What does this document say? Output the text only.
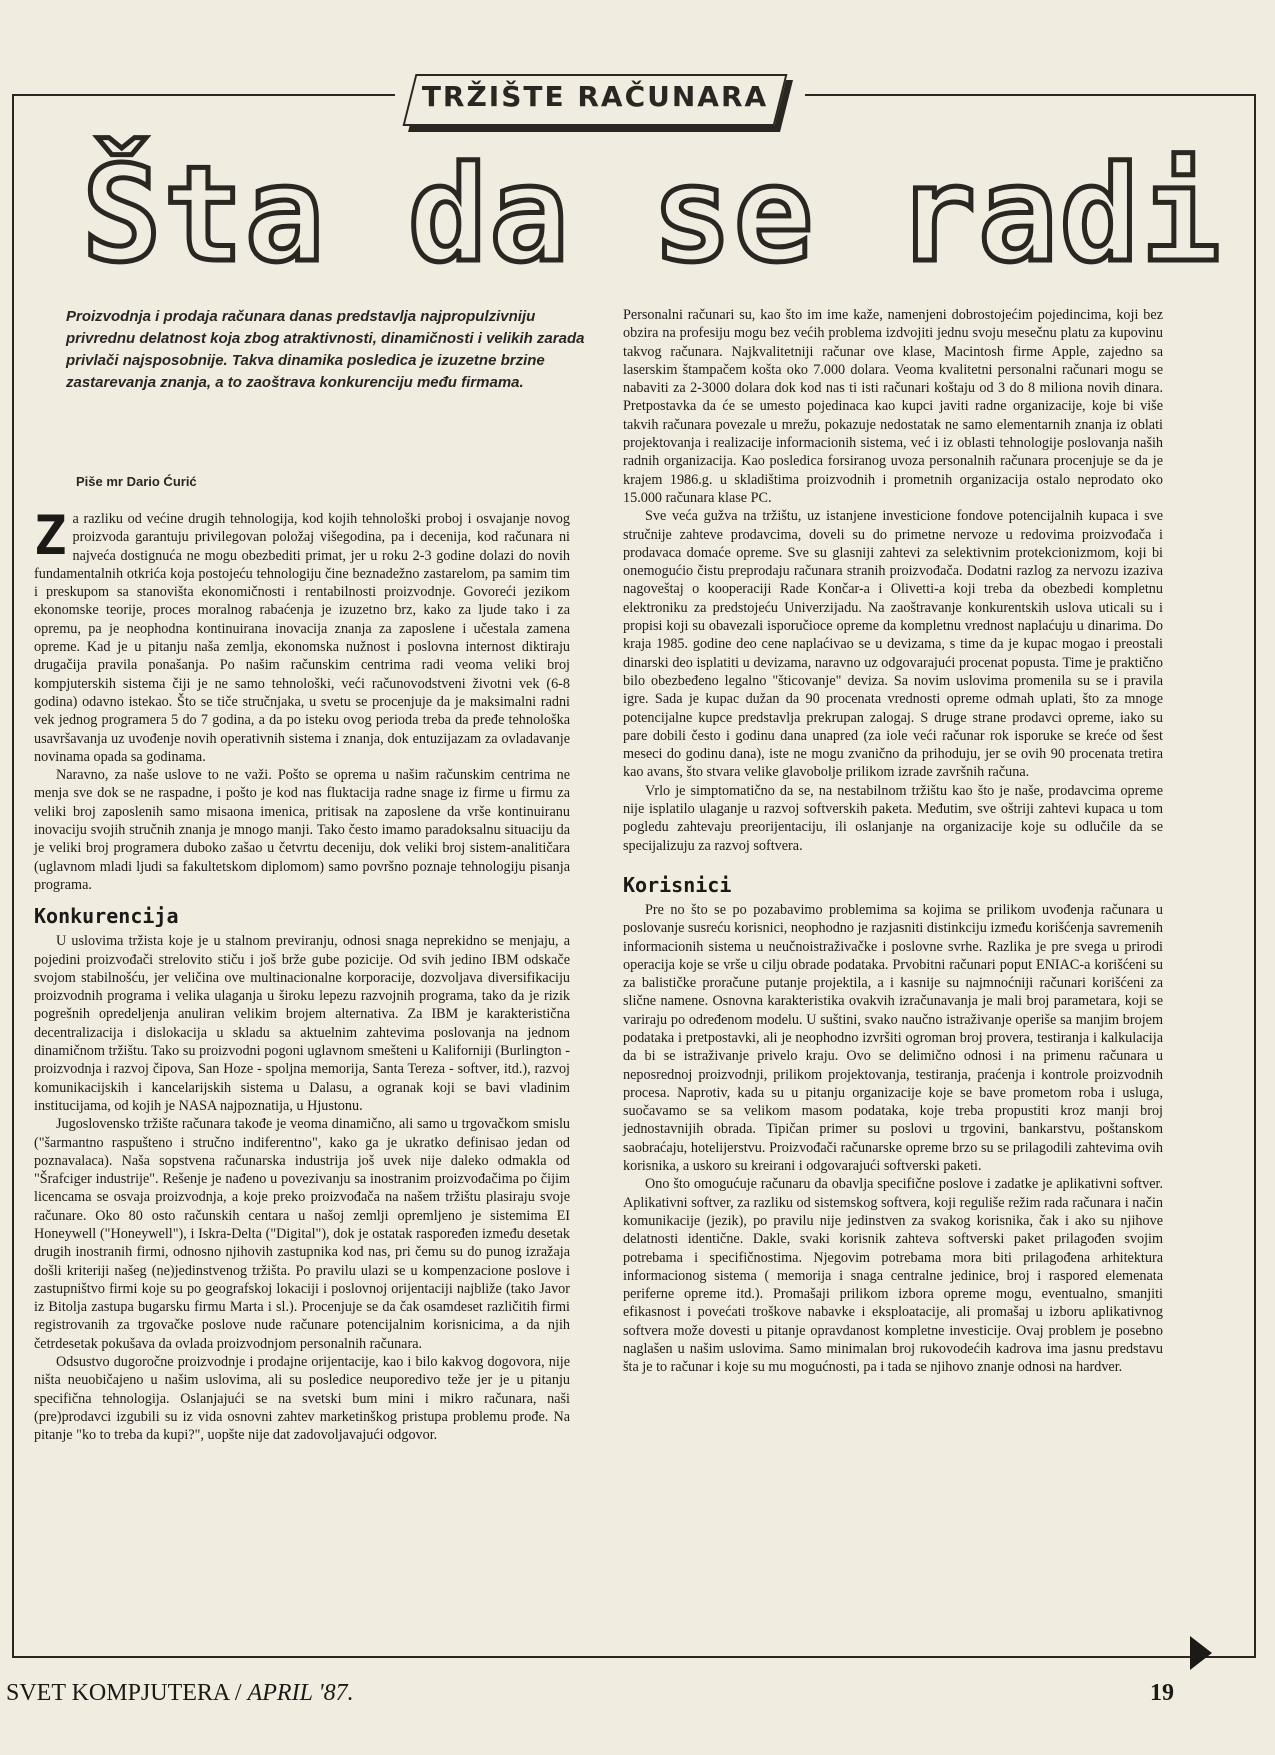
TRŽIŠTE RAČUNARA
Šta da se radi
Proizvodnja i prodaja računara danas predstavlja najpropulzivniju privrednu delatnost koja zbog atraktivnosti, dinamičnosti i velikih zarada privlači najsposobnije. Takva dinamika posledica je izuzetne brzine zastarevanja znanja, a to zaoštrava konkurenciju među firmama.
Piše mr Dario Ćurić

Za razliku od većine drugih tehnologija, kod kojih tehnološki proboj i osvajanje novog proizvoda garantuju privilegovan položaj višegodina, pa i decenija, kod računara ni najveća dostignuća ne mogu obezbediti primat, jer u roku 2-3 godine dolazi do novih fundamentalnih otkrića koja postojeću tehnologiju čine beznadežno zastarelom, pa samim tim i preskupom sa stanovišta ekonomičnosti i rentabilnosti proizvodnje. Govoreći jezikom ekonomske teorije, proces moralnog rabaćenja je izuzetno brz, kako za ljude tako i za opremu, pa je neophodna kontinuirana inovacija znanja za zaposlene i učestala zamena opreme. Kad je u pitanju naša zemlja, ekonomska nužnost i poslovna internost diktiraju drugačija pravila ponašanja. Po našim računskim centrima radi veoma veliki broj kompjuterskih sistema čiji je ne samo tehnološki, veći računovodstveni životni vek (6-8 godina) odavno istekao. Što se tiče stručnjaka, u svetu se procenjuje da je maksimalni radni vek jednog programera 5 do 7 godina, a da po isteku ovog perioda treba da pređe tehnološka usavršavanja uz uvođenje novih operativnih sistema i znanja, dok entuzijazam za ovladavanje novinama opada sa godinama.

Naravno, za naše uslove to ne važi. Pošto se oprema u našim računskim centrima ne menja sve dok se ne raspadne, i pošto je kod nas fluktacija radne snage iz firme u firmu za veliki broj zaposlenih samo misaona imenica, pritisak na zaposlene da vrše kontinuiranu inovaciju svojih stručnih znanja je mnogo manji. Tako često imamo paradoksalnu situaciju da je veliki broj programera duboko zašao u četvrtu deceniju, dok veliki broj sistem-analitičara (uglavnom mladi ljudi sa fakultetskom diplomom) samo površno poznaje tehnologiju pisanja programa.

Konkurencija

U uslovima tržista koje je u stalnom previranju, odnosi snaga neprekidno se menjaju, a pojedini proizvođači strelovito stiču i još brže gube pozicije. Od svih jedino IBM odskače svojom stabilnošću, jer veličina ove multinacionalne korporacije, dozvoljava diversifikaciju proizvodnih programa i velika ulaganja u široku lepezu razvojnih programa, tako da je rizik pogrešnih opredeljenja anuliran velikim brojem alternativa. Za IBM je karakteristična decentralizacija i dislokacija u skladu sa aktuelnim zahtevima poslovanja na jednom dinamičnom tržištu. Tako su proizvodni pogoni uglavnom smešteni u Kaliforniji (Burlington - proizvodnja i razvoj čipova, San Hoze - spoljna memorija, Santa Tereza - softver, itd.), razvoj komunikacijskih i kancelarijskih sistema u Dalasu, a ogranak koji se bavi vladinim institucijama, od kojih je NASA najpoznatija, u Hjustonu.

Jugoslovensko tržište računara takođe je veoma dinamično, ali samo u trgovačkom smislu ("šarmantno raspušteno i stručno indiferentno", kako ga je ukratko definisao jedan od poznavalaca). Naša sopstvena računarska industrija još uvek nije daleko odmakla od "Šrafciger industrije". Rešenje je nađeno u povezivanju sa inostranim proizvođačima po čijim licencama se osvaja proizvodnja, a koje preko proizvođača na našem tržištu plasiraju svoje računare. Oko 80 osto računskih centara u našoj zemlji opremljeno je sistemima EI Honeywell ("Honeywell"), i Iskra-Delta ("Digital"), dok je ostatak raspoređen između desetak drugih inostranih firmi, odnosno njihovih zastupnika kod nas, pri čemu su do punog izražaja došli kriteriji našeg (ne)jedinstvenog tržišta. Po pravilu ulazi se u kompenzacione poslove i zastupništvo firmi koje su po geografskoj lokaciji i poslovnoj orijentaciji najbliže (tako Javor iz Bitolja zastupa bugarsku firmu Marta i sl.). Procenjuje se da čak osamdeset različitih firmi registrovanih za trgovačke poslove nude računare potencijalnim korisnicima, a da njih četrdesetak pokušava da ovlada proizvodnjom personalnih računara.

Odsustvo dugoročne proizvodnje i prodajne orijentacije, kao i bilo kakvog dogovora, nije ništa neuobičajeno u našim uslovima, ali su posledice neuporedivo teže jer je u pitanju specifična tehnologija. Oslanjajući se na svetski bum mini i mikro računara, naši (pre)prodavci izgubili su iz vida osnovni zahtev marketinškog pristupa problemu prođe. Na pitanje "ko to treba da kupi?", uopšte nije dat zadovoljavajući odgovor.

Personalni računari su, kao što im ime kaže, namenjeni dobrostojećim pojedincima, koji bez obzira na profesiju mogu bez većih problema izdvojiti jednu svoju mesečnu platu za kupovinu takvog računara. Najkvalitetniji računar ove klase, Macintosh firme Apple, zajedno sa laserskim štampačem košta oko 7.000 dolara. Veoma kvalitetni personalni računari mogu se nabaviti za 2-3000 dolara dok kod nas ti isti računari koštaju od 3 do 8 miliona novih dinara. Pretpostavka da će se umesto pojedinaca kao kupci javiti radne organizacije, koje bi više takvih računara povezale u mrežu, pokazuje nedostatak ne samo elementarnih znanja iz oblati projektovanja i realizacije informacionih sistema, već i iz oblasti tehnologije poslovanja naših radnih organizacija. Kao posledica forsiranog uvoza personalnih računara procenjuje se da je krajem 1986.g. u skladištima proizvodnih i prometnih organizacija ostalo neprodato oko 15.000 računara klase PC.

Sve veća gužva na tržištu, uz istanjene investicione fondove potencijalnih kupaca i sve stručnije zahteve prodavcima, doveli su do primetne nervoze u redovima proizvođača i prodavaca domaće opreme. Sve su glasniji zahtevi za selektivnim protekcionizmom, koji bi onemogućio čistu preprodaju računara stranih proizvođača. Dodatni razlog za nervozu izaziva nagoveštaj o kooperaciji Rade Končar-a i Olivetti-a koji treba da obezbedi kompletnu elektroniku za predstojeću Univerzijadu. Na zaoštravanje konkurentskih uslova uticali su i propisi koji su obavezali isporučioce opreme da kompletnu vrednost naplaćuju u dinarima. Do kraja 1985. godine deo cene naplaćivao se u devizama, s time da je kupac mogao i preostali dinarski deo isplatiti u devizama, naravno uz odgovarajući procenat popusta. Time je praktično bilo obezbeđeno legalno "šticovanje" deviza. Sa novim uslovima promenila su se i pravila igre. Sada je kupac dužan da 90 procenata vrednosti opreme odmah uplati, što za mnoge potencijalne kupce predstavlja prekrupan zalogaj. S druge strane prodavci opreme, iako su pare dobili često i godinu dana unapred (za iole veći računar rok isporuke se kreće od šest meseci do godinu dana), iste ne mogu zvanično da prihoduju, jer se ovih 90 procenata tretira kao avans, što stvara velike glavobolje prilikom izrade završnih računa.

Vrlo je simptomatično da se, na nestabilnom tržištu kao što je naše, prodavcima opreme nije isplatilo ulaganje u razvoj softverskih paketa. Međutim, sve oštriji zahtevi kupaca u tom pogledu zahtevaju preorijentaciju, ili oslanjanje na organizacije koje su odlučile da se specijalizuju za razvoj softvera.

Korisnici

Pre no što se po pozabavimo problemima sa kojima se prilikom uvođenja računara u poslovanje susreću korisnici, neophodno je razjasniti distinkciju između korišćenja savremenih informacionih sistema u neučnoistraživačke i poslovne svrhe. Razlika je pre svega u prirodi operacija koje se vrše u cilju obrade podataka. Prvobitni računari poput ENIAC-a korišćeni su za balističke proračune putanje projektila, a i kasnije su najmnoćniji računari korišćeni za slične namene. Osnovna karakteristika ovakvih izračunavanja je mali broj parametara, koji se variraju po određenom modelu. U suštini, svako naučno istraživanje operiše sa manjim brojem podataka i pretpostavki, ali je neophodno izvršiti ogroman broj provera, testiranja i kalkulacija da bi se istraživanje privelo kraju. Ovo se delimično odnosi i na primenu računara u neposrednoj proizvodnji, prilikom projektovanja, testiranja, praćenja i kontrole proizvodnih procesa. Naprotiv, kada su u pitanju organizacije koje se bave prometom roba i usluga, suočavamo se sa velikom masom podataka, koje treba propustiti kroz manji broj jednostavnijih obrada. Tipičan primer su poslovi u trgovini, bankarstvu, poštanskom saobraćaju, hotelijerstvu. Proizvođači računarske opreme brzo su se prilagodili zahtevima ovih korisnika, a uskoro su kreirani i odgovarajući softverski paketi.

Ono što omogućuje računaru da obavlja specifične poslove i zadatke je aplikativni softver. Aplikativni softver, za razliku od sistemskog softvera, koji reguliše režim rada računara i način komunikacije (jezik), po pravilu nije jedinstven za svakog korisnika, čak i ako su njihove delatnosti identične. Dakle, svaki korisnik zahteva softverski paket prilagođen svojim potrebama i specifičnostima. Njegovim potrebama mora biti prilagođena arhitektura informacionog sistema ( memorija i snaga centralne jedinice, broj i raspored elemenata periferne opreme itd.). Promašaji prilikom izbora opreme mogu, eventualno, smanjiti efikasnost i povećati troškove nabavke i eksploatacije, ali promašaj u izboru aplikativnog softvera može dovesti u pitanje opravdanost kompletne investicije. Ovaj problem je posebno naglašen u našim uslovima. Samo minimalan broj rukovodećih kadrova ima jasnu predstavu šta je to računar i koje su mu mogućnosti, pa i tada se njihovo znanje odnosi na hardver.

SVET KOMPJUTERA / APRIL '87.	19
